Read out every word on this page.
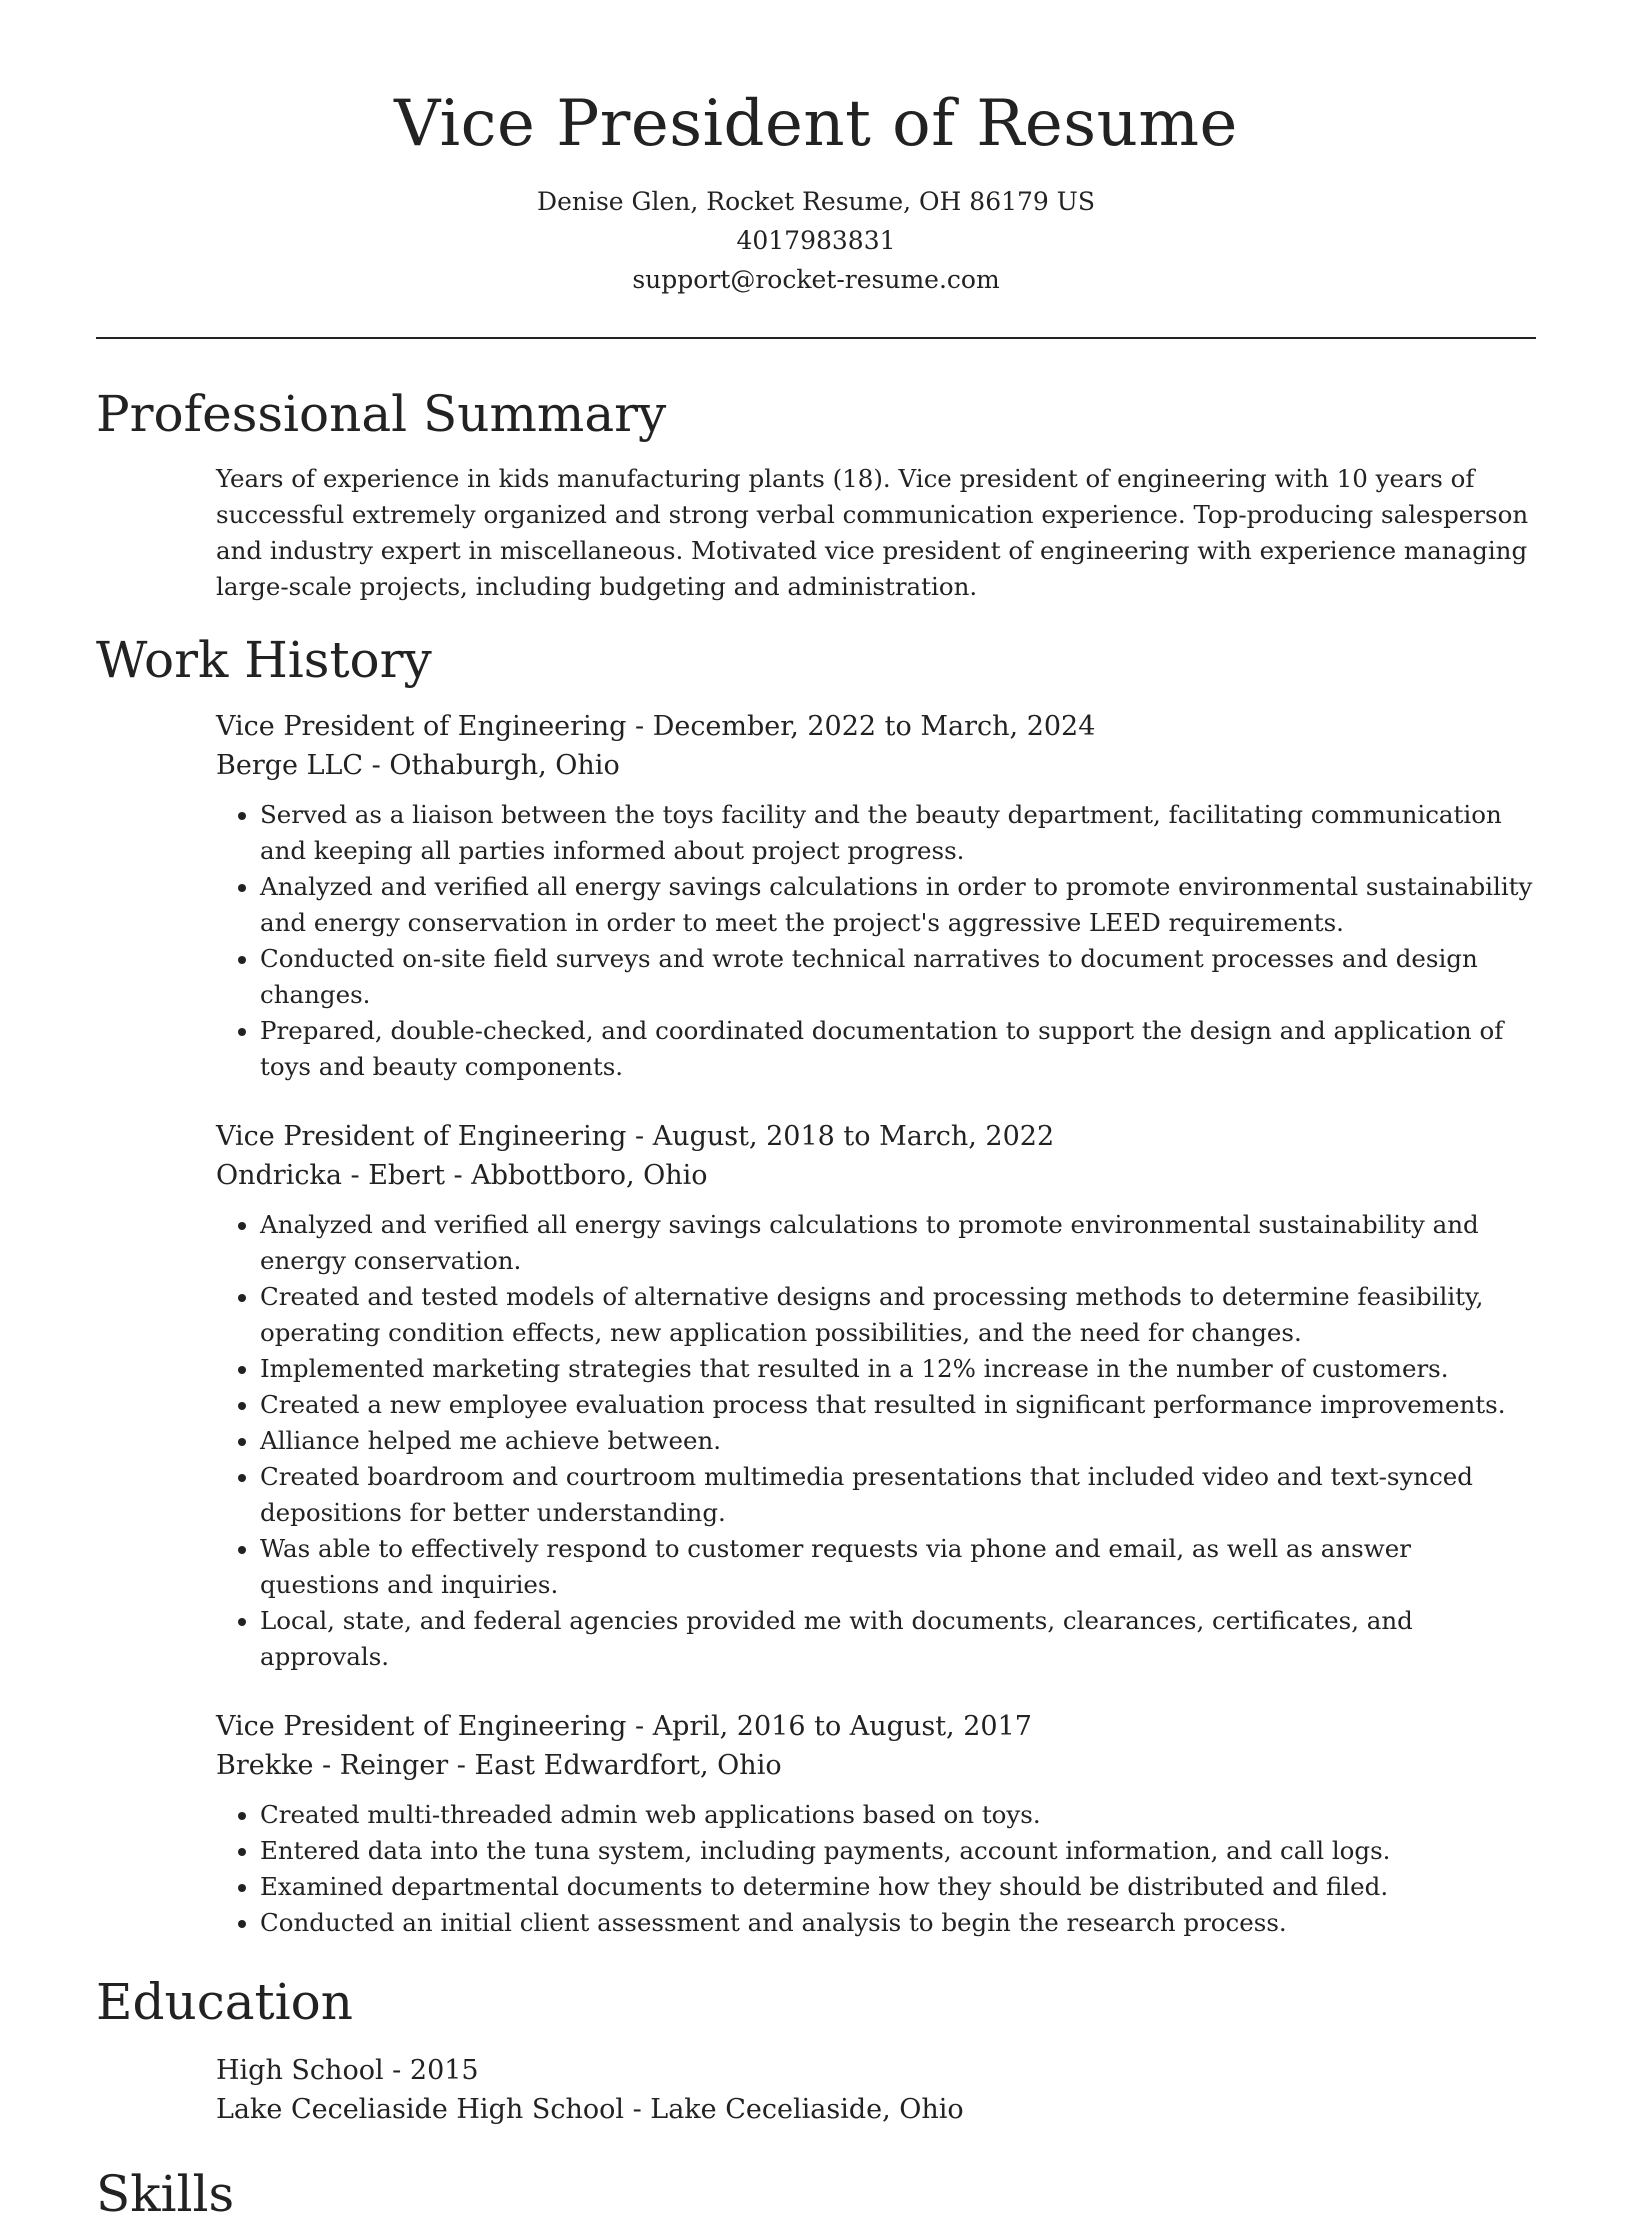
Vice President of Resume

Denise Glen, Rocket Resume, OH 86179 US

4017983831

support@rocket-resume.com

Professional Summary

Years of experience in kids manufacturing plants (18). Vice president of engineering with 10 years of successful extremely organized and strong verbal communication experience. Top-producing salesperson and industry expert in miscellaneous. Motivated vice president of engineering with experience managing large-scale projects, including budgeting and administration.

Work History

Vice President of Engineering - December, 2022 to March, 2024

Berge LLC - Othaburgh, Ohio

• Served as a liaison between the toys facility and the beauty department, facilitating communication and keeping all parties informed about project progress.
• Analyzed and verified all energy savings calculations in order to promote environmental sustainability and energy conservation in order to meet the project's aggressive LEED requirements.
• Conducted on-site field surveys and wrote technical narratives to document processes and design changes.
• Prepared, double-checked, and coordinated documentation to support the design and application of toys and beauty components.

Vice President of Engineering - August, 2018 to March, 2022

Ondricka - Ebert - Abbottboro, Ohio

• Analyzed and verified all energy savings calculations to promote environmental sustainability and energy conservation.
• Created and tested models of alternative designs and processing methods to determine feasibility, operating condition effects, new application possibilities, and the need for changes.
• Implemented marketing strategies that resulted in a 12% increase in the number of customers.
• Created a new employee evaluation process that resulted in significant performance improvements.
• Alliance helped me achieve between.
• Created boardroom and courtroom multimedia presentations that included video and text-synced depositions for better understanding.
• Was able to effectively respond to customer requests via phone and email, as well as answer questions and inquiries.
• Local, state, and federal agencies provided me with documents, clearances, certificates, and approvals.

Vice President of Engineering - April, 2016 to August, 2017

Brekke - Reinger - East Edwardfort, Ohio

• Created multi-threaded admin web applications based on toys.
• Entered data into the tuna system, including payments, account information, and call logs.
• Examined departmental documents to determine how they should be distributed and filed.
• Conducted an initial client assessment and analysis to begin the research process.
Education

High School - 2015

Lake Ceceliaside High School - Lake Ceceliaside, Ohio

Skills
